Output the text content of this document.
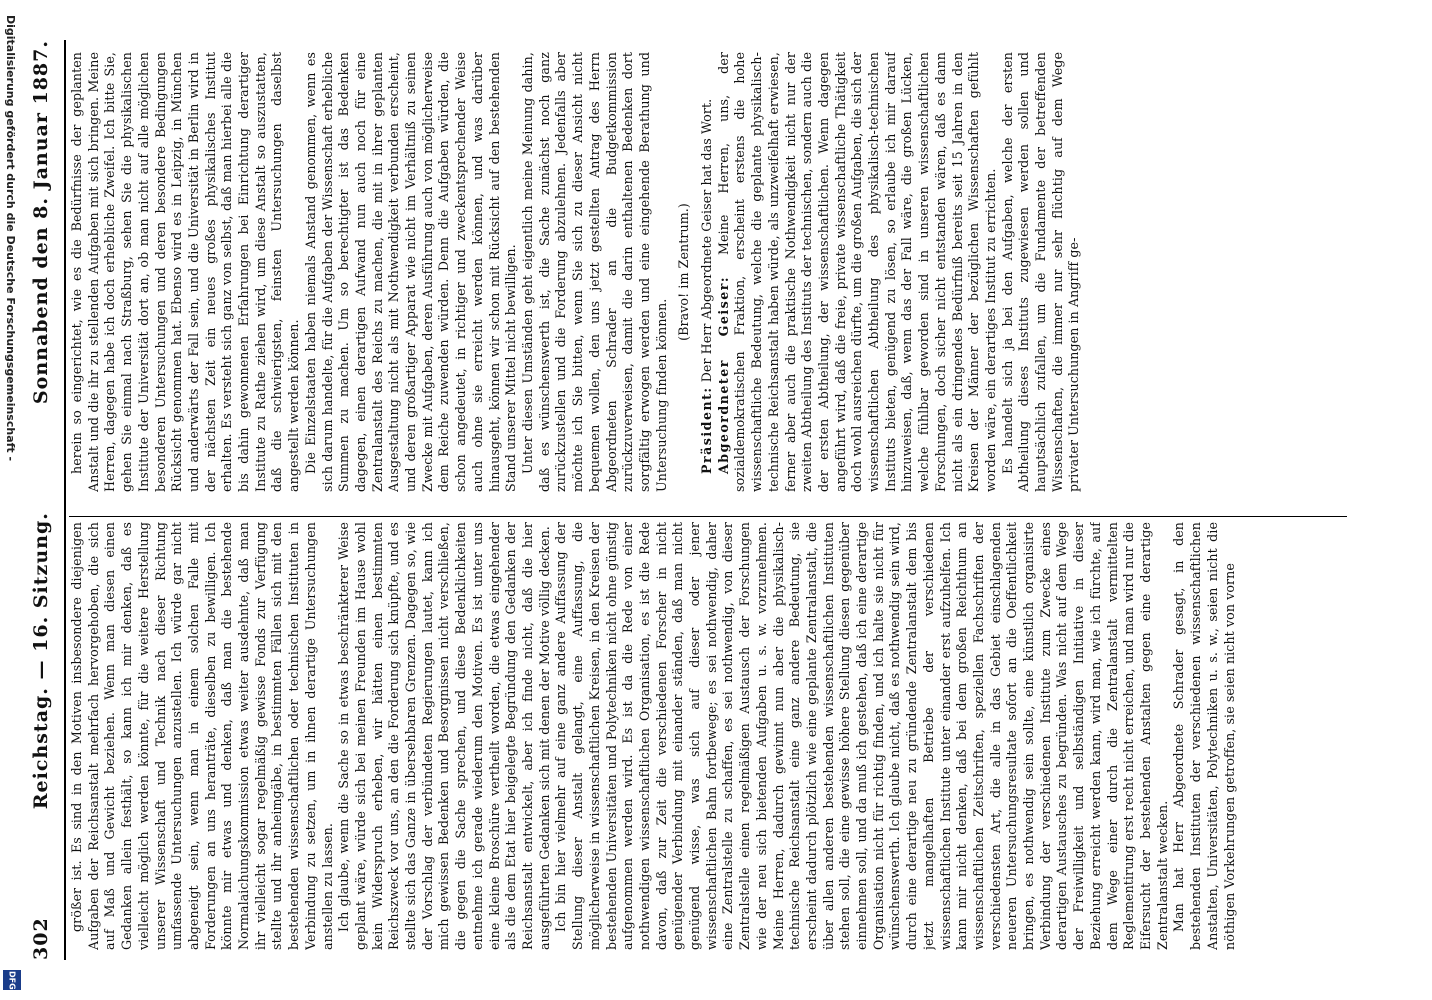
Digitalisierung gefördert durch die Deutsche Forschungsgemeinschaft -
DFG
302
Reichstag. — 16. Sitzung.
Sonnabend den 8. Januar 1887.

größer ist. Es sind in den Motiven insbesondere diejenigen Aufgaben der Reichsanstalt mehrfach hervorgehoben, die sich auf Maß und Gewicht beziehen. Wenn man diesen einen Gedanken allein festhält, so kann ich mir denken, daß es vielleicht möglich werden könnte, für die weitere Herstellung unserer Wissenschaft und Technik nach dieser Richtung umfassende Untersuchungen anzustellen. Ich würde gar nicht abgeneigt sein, wenn man in einem solchen Falle mit Forderungen an uns heranträte, dieselben zu bewilligen. Ich könnte mir etwas und denken, daß man die bestehende Normalaichungskommission etwas weiter ausdehnte, daß man ihr vielleicht sogar regelmäßig gewisse Fonds zur Verfügung stellte und ihr anheimgäbe, in bestimmten Fällen sich mit den bestehenden wissenschaftlichen oder technischen Instituten in Verbindung zu setzen, um in ihnen derartige Untersuchungen anstellen zu lassen. Ich glaube, wenn die Sache so in etwas beschränkterer Weise geplant wäre, würde sich bei meinen Freunden im Hause wohl kein Widerspruch erheben, wir hätten einen bestimmten Reichszweck vor uns, an den die Forderung sich knüpfte, und es stellte sich das Ganze in übersehbaren Grenzen. Dagegen so, wie der Vorschlag der verbündeten Regierungen lautet, kann ich mich gewissen Bedenken und Besorgnissen nicht verschließen, die gegen die Sache sprechen, und diese Bedenklichkeiten entnehme ich gerade wiederum den Motiven. Es ist unter uns eine kleine Broschüre vertheilt worden, die etwas eingehender als die dem Etat hier beigelegte Begründung den Gedanken der Reichsanstalt entwickelt, aber ich finde nicht, daß die hier ausgeführten Gedanken sich mit denen der Motive völlig decken. Ich bin hier vielmehr auf eine ganz andere Auffassung der Stellung dieser Anstalt gelangt, eine Auffassung, die möglicherweise in wissenschaftlichen Kreisen, in den Kreisen der bestehenden Universitäten und Polytechniken nicht ohne günstig aufgenommen werden wird. Es ist da die Rede von einer nothwendigen wissenschaftlichen Organisation, es ist die Rede davon, daß zur Zeit die verschiedenen Forscher in nicht genügender Verbindung mit einander ständen, daß man nicht genügend wisse, was sich auf dieser oder jener wissenschaftlichen Bahn fortbewege; es sei nothwendig, daher eine Zentralstelle zu schaffen, es sei nothwendig, von dieser Zentralstelle einen regelmäßigen Austausch der Forschungen wie der neu sich bietenden Aufgaben u. s. w. vorzunehmen. Meine Herren, dadurch gewinnt nun aber die physikalisch-technische Reichsanstalt eine ganz andere Bedeutung, sie erscheint dadurch plötzlich wie eine geplante Zentralanstalt, die über allen anderen bestehenden wissenschaftlichen Instituten stehen soll, die eine gewisse höhere Stellung diesen gegenüber einnehmen soll, und da muß ich gestehen, daß ich eine derartige Organisation nicht für richtig finden, und ich halte sie nicht für wünschenswerth. Ich glaube nicht, daß es nothwendig sein wird, durch eine derartige neu zu gründende Zentralanstalt dem bis jetzt mangelhaften Betriebe der verschiedenen wissenschaftlichen Institute unter einander erst aufzuhelfen. Ich kann mir nicht denken, daß bei dem großen Reichthum an wissenschaftlichen Zeitschriften, speziellen Fachschriften der verschiedensten Art, die alle in das Gebiet einschlagenden neueren Untersuchungsresultate sofort an die Oeffentlichkeit bringen, es nothwendig sein sollte, eine künstlich organisirte Verbindung der verschiedenen Institute zum Zwecke eines derartigen Austausches zu begründen. Was nicht auf dem Wege der Freiwilligkeit und selbständigen Initiative in dieser Beziehung erreicht werden kann, wird man, wie ich fürchte, auf dem Wege einer durch die Zentralanstalt vermittelten Reglementirung erst recht nicht erreichen, und man wird nur die Eifersucht der bestehenden Anstalten gegen eine derartige Zentralanstalt wecken. Man hat Herr Abgeordnete Schrader gesagt, in den bestehenden Instituten der verschiedenen wissenschaftlichen Anstalten, Universitäten, Polytechniken u. s. w., seien nicht die nöthigen Vorkehrungen getroffen, sie seien nicht von vorne

herein so eingerichtet, wie es die Bedürfnisse der geplanten Anstalt und die ihr zu stellenden Aufgaben mit sich bringen. Meine Herren, dagegen habe ich doch erhebliche Zweifel. Ich bitte Sie, gehen Sie einmal nach Straßburg, sehen Sie die physikalischen Institute der Universität dort an, ob man nicht auf alle möglichen besonderen Untersuchungen und deren besondere Bedingungen Rücksicht genommen hat. Ebenso wird es in Leipzig, in München und anderwärts der Fall sein, und die Universität in Berlin wird in der nächsten Zeit ein neues großes physikalisches Institut erhalten. Es versteht sich ganz von selbst, daß man hierbei alle die bis dahin gewonnenen Erfahrungen bei Einrichtung derartiger Institute zu Rathe ziehen wird, um diese Anstalt so auszustatten, daß die schwierigsten, feinsten Untersuchungen daselbst angestellt werden können. Die Einzelstaaten haben niemals Anstand genommen, wenn es sich darum handelte, für die Aufgaben der Wissenschaft erhebliche Summen zu machen. Um so berechtigter ist das Bedenken dagegen, einen derartigen Aufwand nun auch noch für eine Zentralanstalt des Reichs zu machen, die mit in ihrer geplanten Ausgestaltung nicht als mit Nothwendigkeit verbunden erscheint, und deren großartiger Apparat wie nicht im Verhältniß zu seinen Zwecke mit Aufgaben, deren Ausführung auch von möglicherweise dem Reiche zuwenden würden. Denn die Aufgaben würden, die schon angedeutet, in richtiger und zweckentsprechender Weise auch ohne sie erreicht werden können, und was darüber hinausgeht, können wir schon mit Rücksicht auf den bestehenden Stand unserer Mittel nicht bewilligen. Unter diesen Umständen geht eigentlich meine Meinung dahin, daß es wünschenswerth ist, die Sache zunächst noch ganz zurückzustellen und die Forderung abzulehnen. Jedenfalls aber möchte ich Sie bitten, wenn Sie sich zu dieser Ansicht nicht bequemen wollen, den uns jetzt gestellten Antrag des Herrn Abgeordneten Schrader an die Budgetkommission zurückzuverweisen, damit die darin enthaltenen Bedenken dort sorgfältig erwogen werden und eine eingehende Berathung und Untersuchung finden können.

(Bravo! im Zentrum.)

Präsident: Der Herr Abgeordnete Geiser hat das Wort. Abgeordneter Geiser: Meine Herren, uns, der sozialdemokratischen Fraktion, erscheint erstens die hohe wissenschaftliche Bedeutung, welche die geplante physikalisch-technische Reichsanstalt haben würde, als unzweifelhaft erwiesen, ferner aber auch die praktische Nothwendigkeit nicht nur der zweiten Abtheilung des Instituts der technischen, sondern auch die der ersten Abtheilung, der wissenschaftlichen. Wenn dagegen angeführt wird, daß die freie, private wissenschaftliche Thätigkeit doch wohl ausreichen dürfte, um die großen Aufgaben, die sich der wissenschaftlichen Abtheilung des physikalisch-technischen Instituts bieten, genügend zu lösen, so erlaube ich mir darauf hinzuweisen, daß, wenn das der Fall wäre, die großen Lücken, welche fühlbar geworden sind in unseren wissenschaftlichen Forschungen, doch sicher nicht entstanden wären, daß es dann nicht als ein dringendes Bedürfniß bereits seit 15 Jahren in den Kreisen der Männer der bezüglichen Wissenschaften gefühlt worden wäre, ein derartiges Institut zu errichten. Es handelt sich ja bei den Aufgaben, welche der ersten Abtheilung dieses Instituts zugewiesen werden sollen und hauptsächlich zufallen, um die Fundamente der betreffenden Wissenschaften, die immer nur sehr flüchtig auf dem Wege privater Untersuchungen in Angriff ge-
